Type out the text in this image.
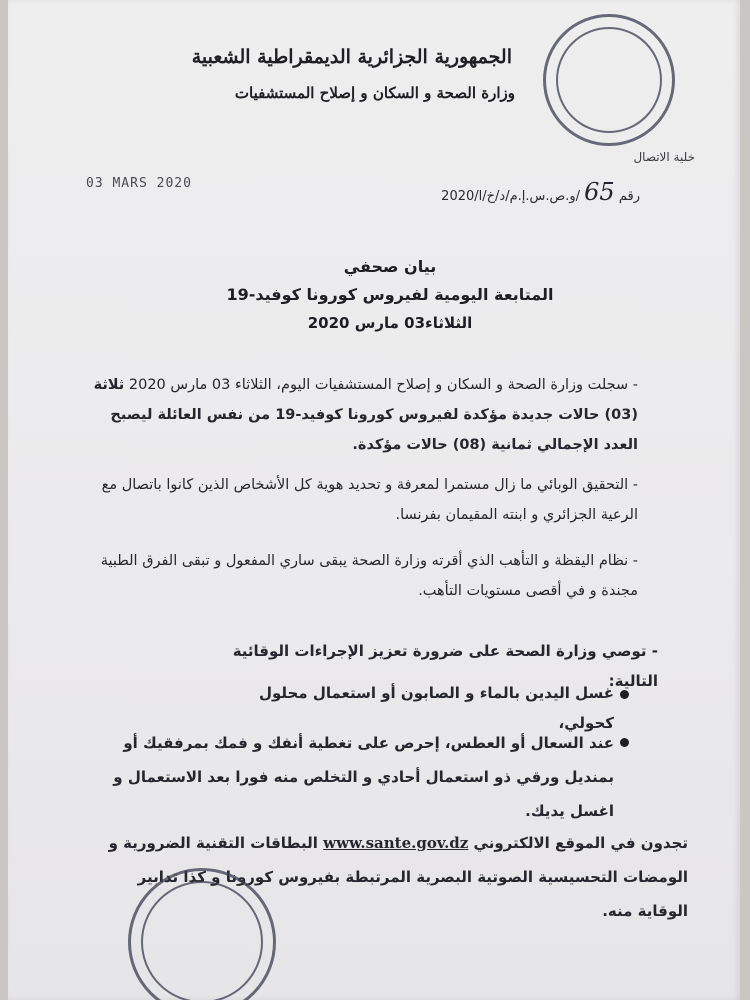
الجمهورية الجزائرية الديمقراطية الشعبية
وزارة الصحة و السكان و إصلاح المستشفيات
خلية الاتصال
03 MARS 2020
رقم 65 /و.ص.س.إ.م/د/خ/ا/2020
بيان صحفي
المتابعة اليومية لفيروس كورونا كوفيد-19
الثلاثاء03 مارس 2020
- سجلت وزارة الصحة و السكان و إصلاح المستشفيات اليوم، الثلاثاء 03 مارس 2020 ثلاثة (03) حالات جديدة مؤكدة لفيروس كورونا كوفيد-19 من نفس العائلة ليصبح العدد الإجمالي ثمانية (08) حالات مؤكدة.
- التحقيق الوبائي ما زال مستمرا لمعرفة و تحديد هوية كل الأشخاص الذين كانوا باتصال مع الرعية الجزائري و ابنته المقيمان بفرنسا.
- نظام اليقظة و التأهب الذي أقرته وزارة الصحة يبقى ساري المفعول و تبقى الفرق الطبية مجندة و في أقصى مستويات التأهب.
- توصي وزارة الصحة على ضرورة تعزيز الإجراءات الوقائية التالية:
غسل اليدين بالماء و الصابون أو استعمال محلول كحولي،
عند السعال أو العطس، إحرص على تغطية أنفك و فمك بمرفقيك أو بمنديل ورقي ذو استعمال أحادي و التخلص منه فورا بعد الاستعمال و اغسل يديك.
تجدون في الموقع الالكتروني www.sante.gov.dz البطاقات التقنية الضرورية و الومضات التحسيسية الصوتية البصرية المرتبطة بفيروس كورونا و كذا تدابير الوقاية منه.
